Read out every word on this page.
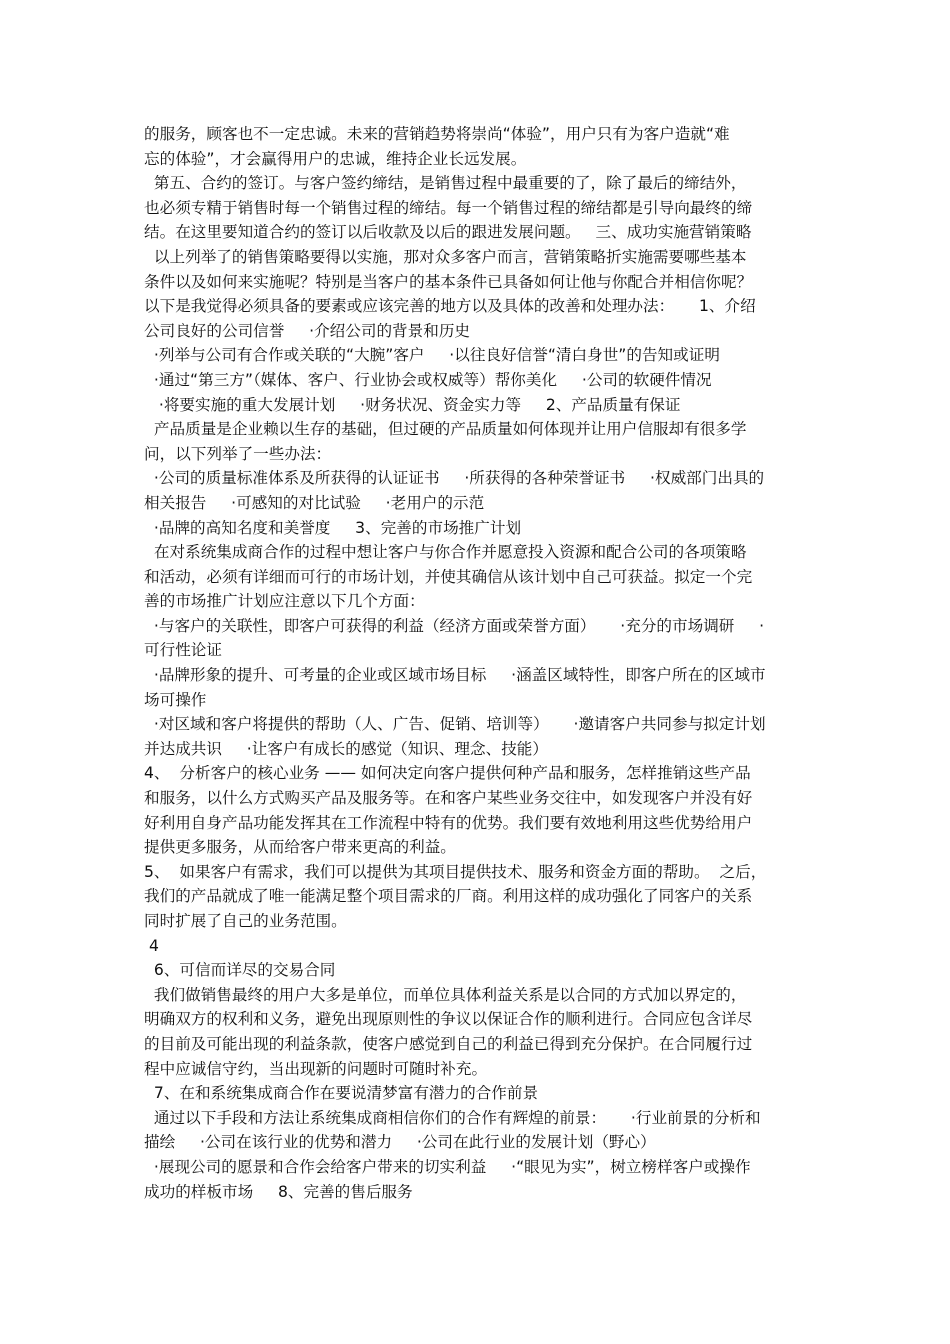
的服务，顾客也不一定忠诚。未来的营销趋势将崇尚“体验”，用户只有为客户造就“难
忘的体验”，才会赢得用户的忠诚，维持企业长远发展。
第五、合约的签订。与客户签约缔结，是销售过程中最重要的了，除了最后的缔结外，
也必须专精于销售时每一个销售过程的缔结。每一个销售过程的缔结都是引导向最终的缔
结。在这里要知道合约的签订以后收款及以后的跟进发展问题。   三、成功实施营销策略
以上列举了的销售策略要得以实施，那对众多客户而言，营销策略折实施需要哪些基本
条件以及如何来实施呢？特别是当客户的基本条件已具备如何让他与你配合并相信你呢？
以下是我觉得必须具备的要素或应该完善的地方以及具体的改善和处理办法：     1、介绍
公司良好的公司信誉     ·介绍公司的背景和历史
·列举与公司有合作或关联的“大腕”客户     ·以往良好信誉“清白身世”的告知或证明
·通过“第三方”（媒体、客户、行业协会或权威等）帮你美化     ·公司的软硬件情况
·将要实施的重大发展计划     ·财务状况、资金实力等     2、产品质量有保证
产品质量是企业赖以生存的基础，但过硬的产品质量如何体现并让用户信服却有很多学
问，以下列举了一些办法：
·公司的质量标准体系及所获得的认证证书     ·所获得的各种荣誉证书     ·权威部门出具的
相关报告     ·可感知的对比试验     ·老用户的示范
·品牌的高知名度和美誉度     3、完善的市场推广计划
在对系统集成商合作的过程中想让客户与你合作并愿意投入资源和配合公司的各项策略
和活动，必须有详细而可行的市场计划，并使其确信从该计划中自己可获益。拟定一个完
善的市场推广计划应注意以下几个方面：
·与客户的关联性，即客户可获得的利益（经济方面或荣誉方面）     ·充分的市场调研     ·
可行性论证
·品牌形象的提升、可考量的企业或区域市场目标     ·涵盖区域特性，即客户所在的区域市
场可操作
·对区域和客户将提供的帮助（人、广告、促销、培训等）     ·邀请客户共同参与拟定计划
并达成共识     ·让客户有成长的感觉（知识、理念、技能）
4、  分析客户的核心业务 —— 如何决定向客户提供何种产品和服务，怎样推销这些产品
和服务，以什么方式购买产品及服务等。在和客户某些业务交往中，如发现客户并没有好
好利用自身产品功能发挥其在工作流程中特有的优势。我们要有效地利用这些优势给用户
提供更多服务，从而给客户带来更高的利益。
5、  如果客户有需求，我们可以提供为其项目提供技术、服务和资金方面的帮助。  之后，
我们的产品就成了唯一能满足整个项目需求的厂商。利用这样的成功强化了同客户的关系
同时扩展了自己的业务范围。
4
6、可信而详尽的交易合同
我们做销售最终的用户大多是单位，而单位具体利益关系是以合同的方式加以界定的，
明确双方的权利和义务，避免出现原则性的争议以保证合作的顺利进行。合同应包含详尽
的目前及可能出现的利益条款，使客户感觉到自己的利益已得到充分保护。在合同履行过
程中应诚信守约，当出现新的问题时可随时补充。
7、在和系统集成商合作在要说清梦富有潜力的合作前景
通过以下手段和方法让系统集成商相信你们的合作有辉煌的前景：     ·行业前景的分析和
描绘     ·公司在该行业的优势和潜力     ·公司在此行业的发展计划（野心）
·展现公司的愿景和合作会给客户带来的切实利益     ·“眼见为实”，树立榜样客户或操作
成功的样板市场     8、完善的售后服务
